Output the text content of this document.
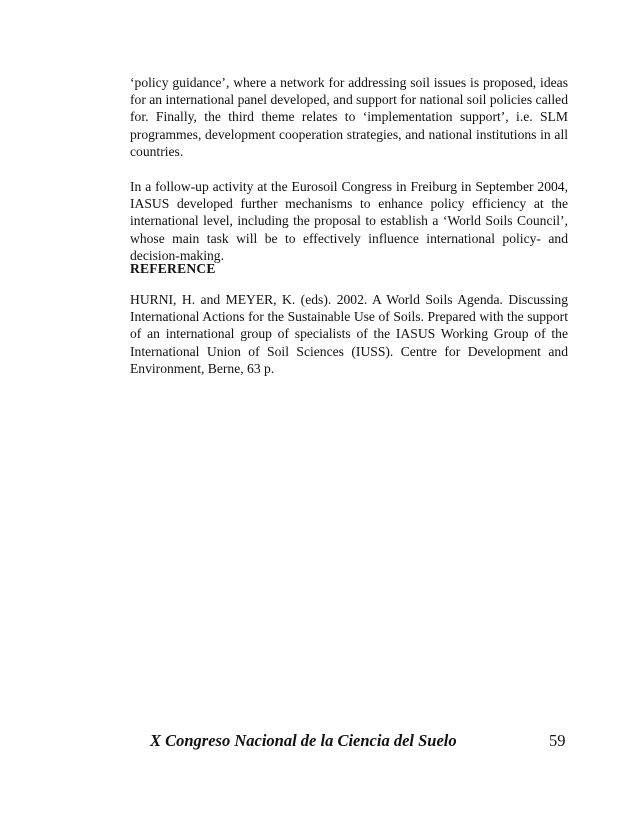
‘policy guidance’, where a network for addressing soil issues is proposed, ideas for an international panel developed, and support for national soil policies called for. Finally, the third theme relates to ‘implementation support’, i.e. SLM programmes, development cooperation strategies, and national institutions in all countries.

In a follow-up activity at the Eurosoil Congress in Freiburg in September 2004, IASUS developed further mechanisms to enhance policy efficiency at the international level, including the proposal to establish a ‘World Soils Council’, whose main task will be to effectively influence international policy- and decision-making.

REFERENCE

HURNI, H. and MEYER, K. (eds). 2002. A World Soils Agenda. Discussing International Actions for the Sustainable Use of Soils. Prepared with the support of an international group of specialists of the IASUS Working Group of the International Union of Soil Sciences (IUSS). Centre for Development and Environment, Berne, 63 p.

X Congreso Nacional de la Ciencia del Suelo	59
